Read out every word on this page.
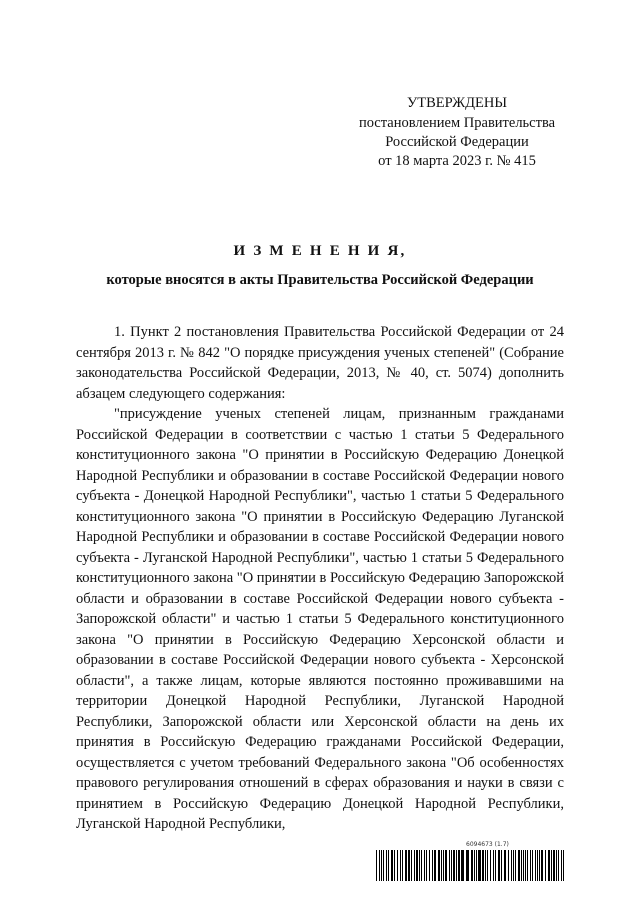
УТВЕРЖДЕНЫ
постановлением Правительства
Российской Федерации
от 18 марта 2023 г. № 415
И З М Е Н Е Н И Я,
которые вносятся в акты Правительства Российской Федерации

1. Пункт 2 постановления Правительства Российской Федерации от 24 сентября 2013 г. № 842 "О порядке присуждения ученых степеней" (Собрание законодательства Российской Федерации, 2013, № 40, ст. 5074) дополнить абзацем следующего содержания:

"присуждение ученых степеней лицам, признанным гражданами Российской Федерации в соответствии с частью 1 статьи 5 Федерального конституционного закона "О принятии в Российскую Федерацию Донецкой Народной Республики и образовании в составе Российской Федерации нового субъекта - Донецкой Народной Республики", частью 1 статьи 5 Федерального конституционного закона "О принятии в Российскую Федерацию Луганской Народной Республики и образовании в составе Российской Федерации нового субъекта - Луганской Народной Республики", частью 1 статьи 5 Федерального конституционного закона "О принятии в Российскую Федерацию Запорожской области и образовании в составе Российской Федерации нового субъекта - Запорожской области" и частью 1 статьи 5 Федерального конституционного закона "О принятии в Российскую Федерацию Херсонской области и образовании в составе Российской Федерации нового субъекта - Херсонской области", а также лицам, которые являются постоянно проживавшими на территории Донецкой Народной Республики, Луганской Народной Республики, Запорожской области или Херсонской области на день их принятия в Российскую Федерацию гражданами Российской Федерации, осуществляется с учетом требований Федерального закона "Об особенностях правового регулирования отношений в сферах образования и науки в связи с принятием в Российскую Федерацию Донецкой Народной Республики, Луганской Народной Республики,

6094673 (1.7)
